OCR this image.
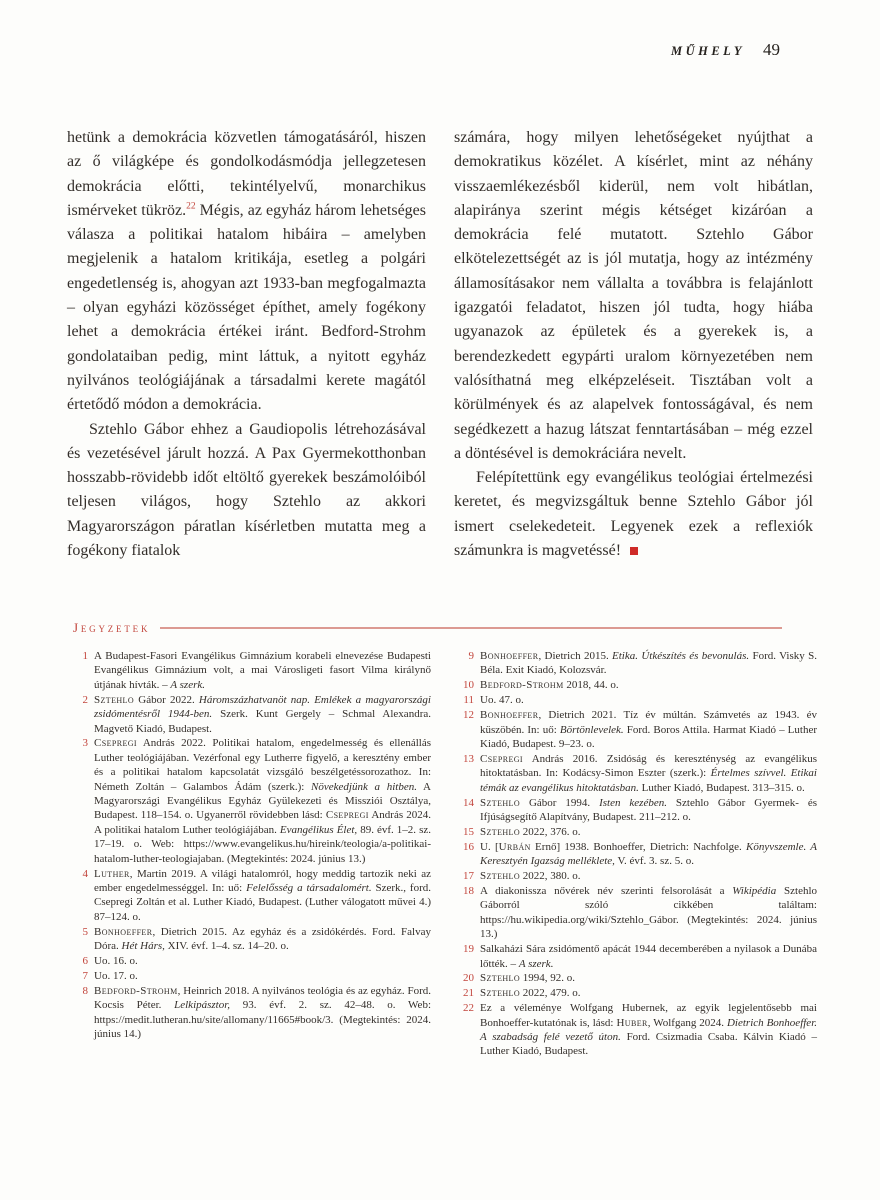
MŰHELY 49

hetünk a demokrácia közvetlen támogatásáról, hiszen az ő világképe és gondolkodásmódja jellegzetesen demokrácia előtti, tekintélyelvű, monarchikus ismérveket tükröz.$^{22}$ Mégis, az egyház három lehetséges válasza a politikai hatalom hibáira – amelyben megjelenik a hatalom kritikája, esetleg a polgári engedetlenség is, ahogyan azt 1933-ban megfogalmazta – olyan egyházi közösséget építhet, amely fogékony lehet a demokrácia értékei iránt. Bedford-Strohm gondolataiban pedig, mint láttuk, a nyitott egyház nyilvános teológiájának a társadalmi kerete magától értetődő módon a demokrácia.

Sztehlo Gábor ehhez a Gaudiopolis létrehozásával és vezetésével járult hozzá. A Pax Gyermekotthonban hosszabb-rövidebb időt eltöltő gyerekek beszámolóiból teljesen világos, hogy Sztehlo az akkori Magyarországon páratlan kísérletben mutatta meg a fogékony fiatalok

számára, hogy milyen lehetőségeket nyújthat a demokratikus közélet. A kísérlet, mint az néhány visszaemlékezésből kiderül, nem volt hibátlan, alapiránya szerint mégis kétséget kizáróan a demokrácia felé mutatott. Sztehlo Gábor elkötelezettségét az is jól mutatja, hogy az intézmény államosításakor nem vállalta a továbbra is felajánlott igazgatói feladatot, hiszen jól tudta, hogy hiába ugyanazok az épületek és a gyerekek is, a berendezkedett egypárti uralom környezetében nem valósíthatná meg elképzeléseit. Tisztában volt a körülmények és az alapelvek fontosságával, és nem segédkezett a hazug látszat fenntartásában – még ezzel a döntésével is demokráciára nevelt.

Felépítettünk egy evangélikus teológiai értelmezési keretet, és megvizsgáltuk benne Sztehlo Gábor jól ismert cselekedeteit. Legyenek ezek a reflexiók számunkra is magvetéssé!

Jegyzetek
1 A Budapest-Fasori Evangélikus Gimnázium korabeli elnevezése Budapesti Evangélikus Gimnázium volt, a mai Városligeti fasort Vilma királynő útjának hívták. – A szerk.
2 Sztehlo Gábor 2022. Háromszázhatvanöt nap. Emlékek a magyarországi zsidómentésről 1944-ben. Szerk. Kunt Gergely – Schmal Alexandra. Magvető Kiadó, Budapest.
3 Csepregi András 2022. Politikai hatalom, engedelmesség és ellenállás Luther teológiájában. Vezérfonal egy Lutherre figyelő, a keresztény ember és a politikai hatalom kapcsolatát vizsgáló beszélgetéssorozathoz. In: Németh Zoltán – Galambos Ádám (szerk.): Növekedjünk a hitben. A Magyarországi Evangélikus Egyház Gyülekezeti és Missziói Osztálya, Budapest. 118–154. o. Ugyanerről rövidebben lásd: Csepregi András 2024. A politikai hatalom Luther teológiájában. Evangélikus Élet, 89. évf. 1–2. sz. 17–19. o. Web: https://www.evangelikus.hu/hireink/teologia/a-politikai-hatalom-luther-teologiajaban. (Megtekintés: 2024. június 13.)
4 Luther, Martin 2019. A világi hatalomról, hogy meddig tartozik neki az ember engedelmességgel. In: uő: Felelősség a társadalomért. Szerk., ford. Csepregi Zoltán et al. Luther Kiadó, Budapest. (Luther válogatott művei 4.) 87–124. o.
5 Bonhoeffer, Dietrich 2015. Az egyház és a zsidókérdés. Ford. Falvay Dóra. Hét Hárs, XIV. évf. 1–4. sz. 14–20. o.
6 Uo. 16. o.
7 Uo. 17. o.
8 Bedford-Strohm, Heinrich 2018. A nyilvános teológia és az egyház. Ford. Kocsis Péter. Lelkipásztor, 93. évf. 2. sz. 42–48. o. Web: https://medit.lutheran.hu/site/allomany/11665#book/3. (Megtekintés: 2024. június 14.)
9 Bonhoeffer, Dietrich 2015. Etika. Útkészítés és bevonulás. Ford. Visky S. Béla. Exit Kiadó, Kolozsvár.
10 Bedford-Strohm 2018, 44. o.
11 Uo. 47. o.
12 Bonhoeffer, Dietrich 2021. Tíz év múltán. Számvetés az 1943. év küszöbén. In: uő: Börtönlevelek. Ford. Boros Attila. Harmat Kiadó – Luther Kiadó, Budapest. 9–23. o.
13 Csepregi András 2016. Zsidóság és kereszténység az evangélikus hitoktatásban. In: Kodácsy-Simon Eszter (szerk.): Értelmes szívvel. Etikai témák az evangélikus hitoktatásban. Luther Kiadó, Budapest. 313–315. o.
14 Sztehlo Gábor 1994. Isten kezében. Sztehlo Gábor Gyermek- és Ifjúságsegítő Alapítvány, Budapest. 211–212. o.
15 Sztehlo 2022, 376. o.
16 U. [Urbán Ernő] 1938. Bonhoeffer, Dietrich: Nachfolge. Könyvszemle. A Keresztyén Igazság melléklete, V. évf. 3. sz. 5. o.
17 Sztehlo 2022, 380. o.
18 A diakonissza nővérek név szerinti felsorolását a Wikipédia Sztehlo Gáborról szóló cikkében találtam: https://hu.wikipedia.org/wiki/Sztehlo_Gábor. (Megtekintés: 2024. június 13.)
19 Salkaházi Sára zsidómentő apácát 1944 decemberében a nyilasok a Dunába lőtték. – A szerk.
20 Sztehlo 1994, 92. o.
21 Sztehlo 2022, 479. o.
22 Ez a véleménye Wolfgang Hubernek, az egyik legjelentősebb mai Bonhoeffer-kutatónak is, lásd: Huber, Wolfgang 2024. Dietrich Bonhoeffer. A szabadság felé vezető úton. Ford. Csizmadia Csaba. Kálvin Kiadó – Luther Kiadó, Budapest.
